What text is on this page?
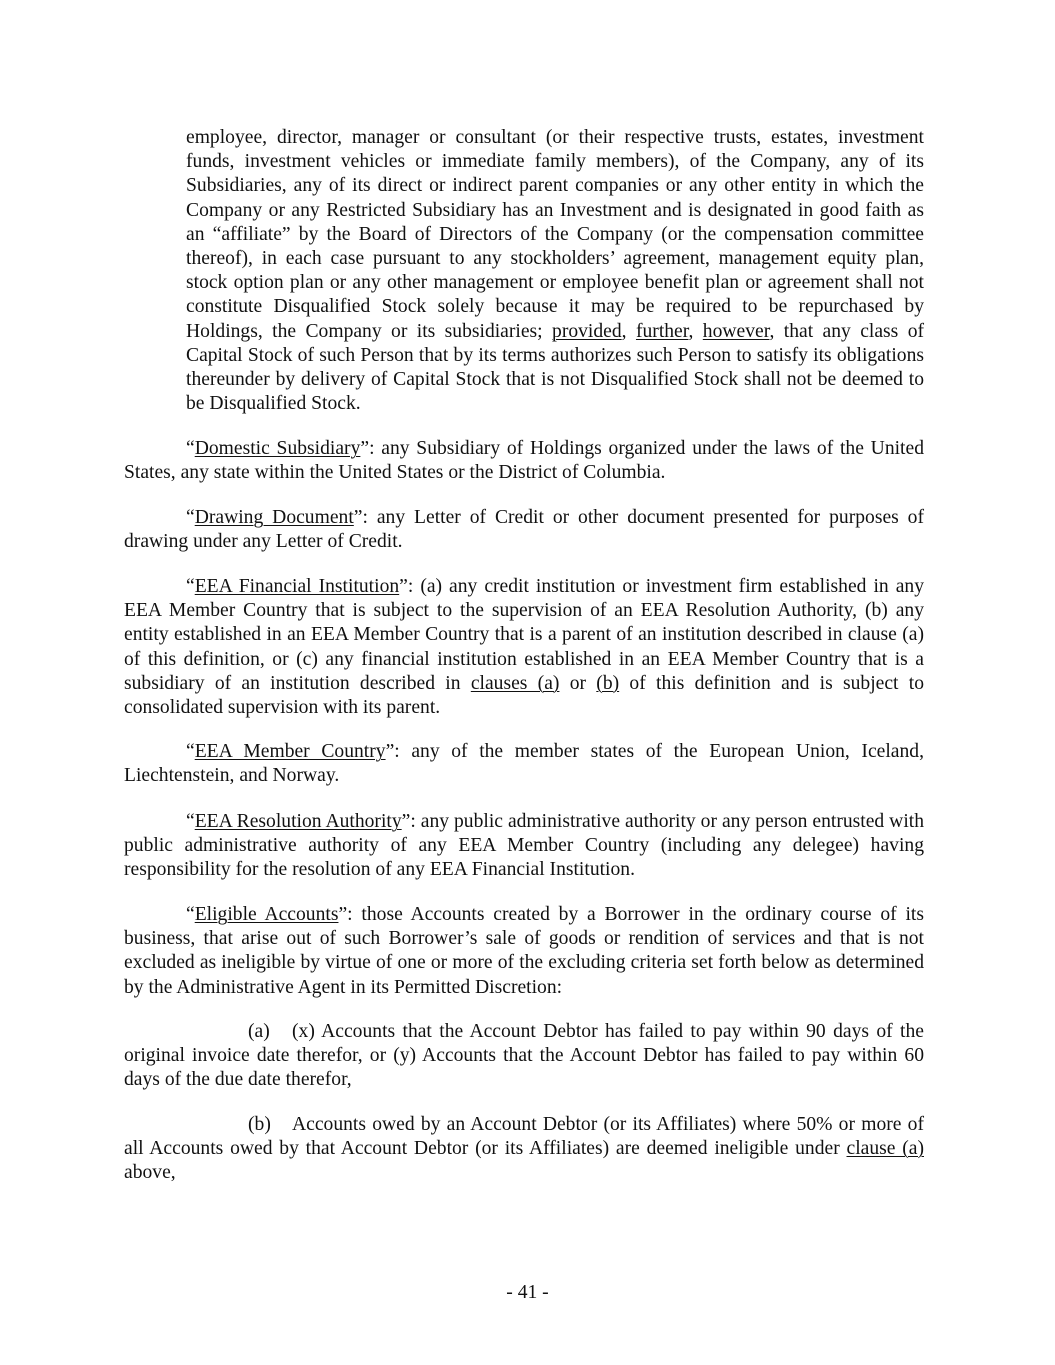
employee, director, manager or consultant (or their respective trusts, estates, investment funds, investment vehicles or immediate family members), of the Company, any of its Subsidiaries, any of its direct or indirect parent companies or any other entity in which the Company or any Restricted Subsidiary has an Investment and is designated in good faith as an “affiliate” by the Board of Directors of the Company (or the compensation committee thereof), in each case pursuant to any stockholders’ agreement, management equity plan, stock option plan or any other management or employee benefit plan or agreement shall not constitute Disqualified Stock solely because it may be required to be repurchased by Holdings, the Company or its subsidiaries; provided, further, however, that any class of Capital Stock of such Person that by its terms authorizes such Person to satisfy its obligations thereunder by delivery of Capital Stock that is not Disqualified Stock shall not be deemed to be Disqualified Stock.

“Domestic Subsidiary”: any Subsidiary of Holdings organized under the laws of the United States, any state within the United States or the District of Columbia.

“Drawing Document”: any Letter of Credit or other document presented for purposes of drawing under any Letter of Credit.

“EEA Financial Institution”: (a) any credit institution or investment firm established in any EEA Member Country that is subject to the supervision of an EEA Resolution Authority, (b) any entity established in an EEA Member Country that is a parent of an institution described in clause (a) of this definition, or (c) any financial institution established in an EEA Member Country that is a subsidiary of an institution described in clauses (a) or (b) of this definition and is subject to consolidated supervision with its parent.

“EEA Member Country”: any of the member states of the European Union, Iceland, Liechtenstein, and Norway.

“EEA Resolution Authority”: any public administrative authority or any person entrusted with public administrative authority of any EEA Member Country (including any delegee) having responsibility for the resolution of any EEA Financial Institution.

“Eligible Accounts”: those Accounts created by a Borrower in the ordinary course of its business, that arise out of such Borrower’s sale of goods or rendition of services and that is not excluded as ineligible by virtue of one or more of the excluding criteria set forth below as determined by the Administrative Agent in its Permitted Discretion:

(a) (x) Accounts that the Account Debtor has failed to pay within 90 days of the original invoice date therefor, or (y) Accounts that the Account Debtor has failed to pay within 60 days of the due date therefor,

(b) Accounts owed by an Account Debtor (or its Affiliates) where 50% or more of all Accounts owed by that Account Debtor (or its Affiliates) are deemed ineligible under clause (a) above,

- 41 -
